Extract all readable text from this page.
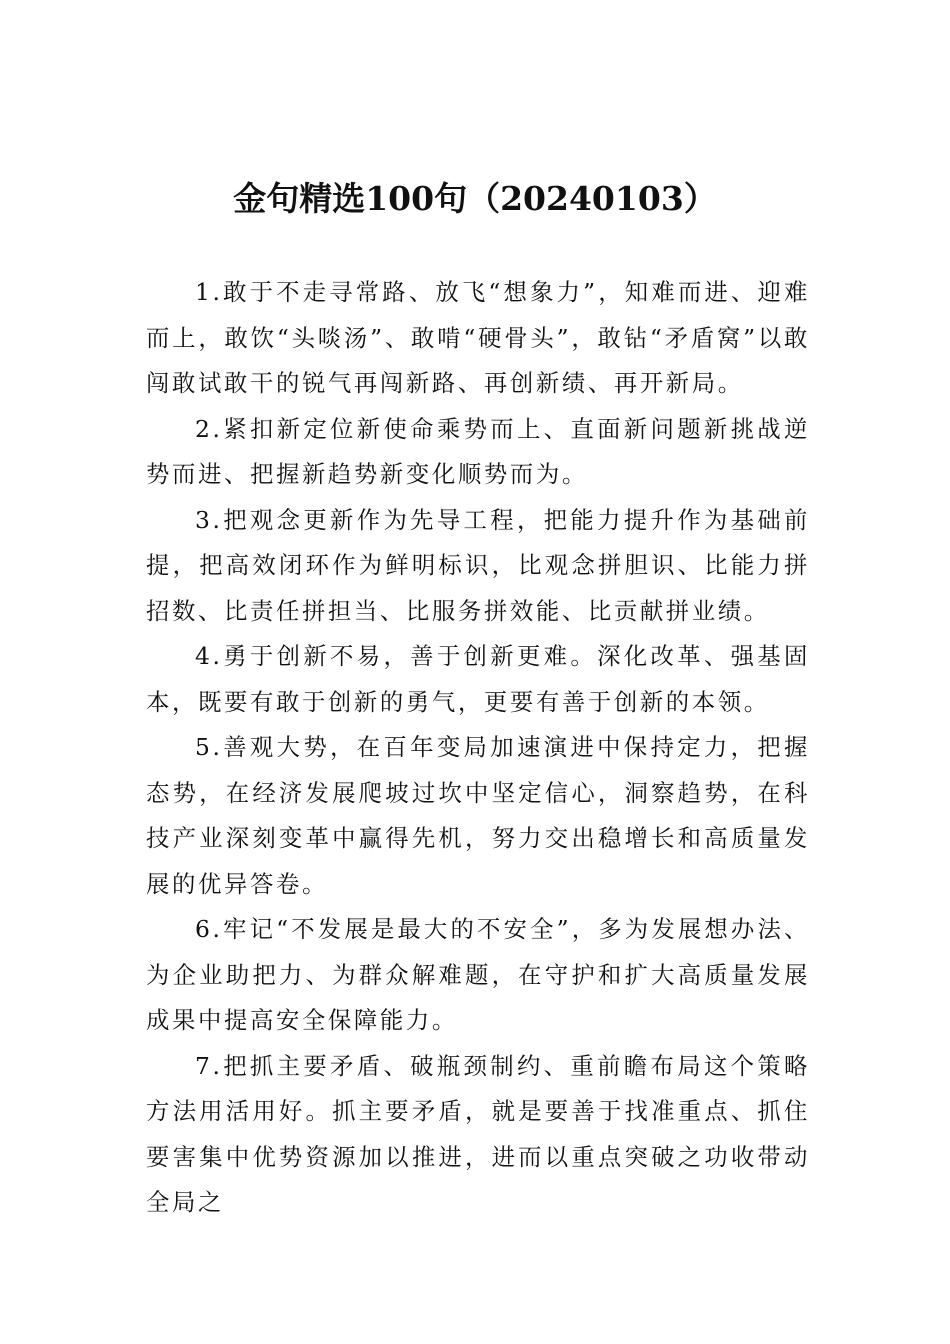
金句精选100句（20240103）

1.敢于不走寻常路、放飞“想象力”，知难而进、迎难而上，敢饮“头啖汤”、敢啃“硬骨头”，敢钻“矛盾窝”以敢闯敢试敢干的锐气再闯新路、再创新绩、再开新局。

2.紧扣新定位新使命乘势而上、直面新问题新挑战逆势而进、把握新趋势新变化顺势而为。

3.把观念更新作为先导工程，把能力提升作为基础前提，把高效闭环作为鲜明标识，比观念拼胆识、比能力拼招数、比责任拼担当、比服务拼效能、比贡献拼业绩。

4.勇于创新不易，善于创新更难。深化改革、强基固本，既要有敢于创新的勇气，更要有善于创新的本领。

5.善观大势，在百年变局加速演进中保持定力，把握态势，在经济发展爬坡过坎中坚定信心，洞察趋势，在科技产业深刻变革中赢得先机，努力交出稳增长和高质量发展的优异答卷。

6.牢记“不发展是最大的不安全”，多为发展想办法、为企业助把力、为群众解难题，在守护和扩大高质量发展成果中提高安全保障能力。

7.把抓主要矛盾、破瓶颈制约、重前瞻布局这个策略方法用活用好。抓主要矛盾，就是要善于找准重点、抓住要害集中优势资源加以推进，进而以重点突破之功收带动全局之
